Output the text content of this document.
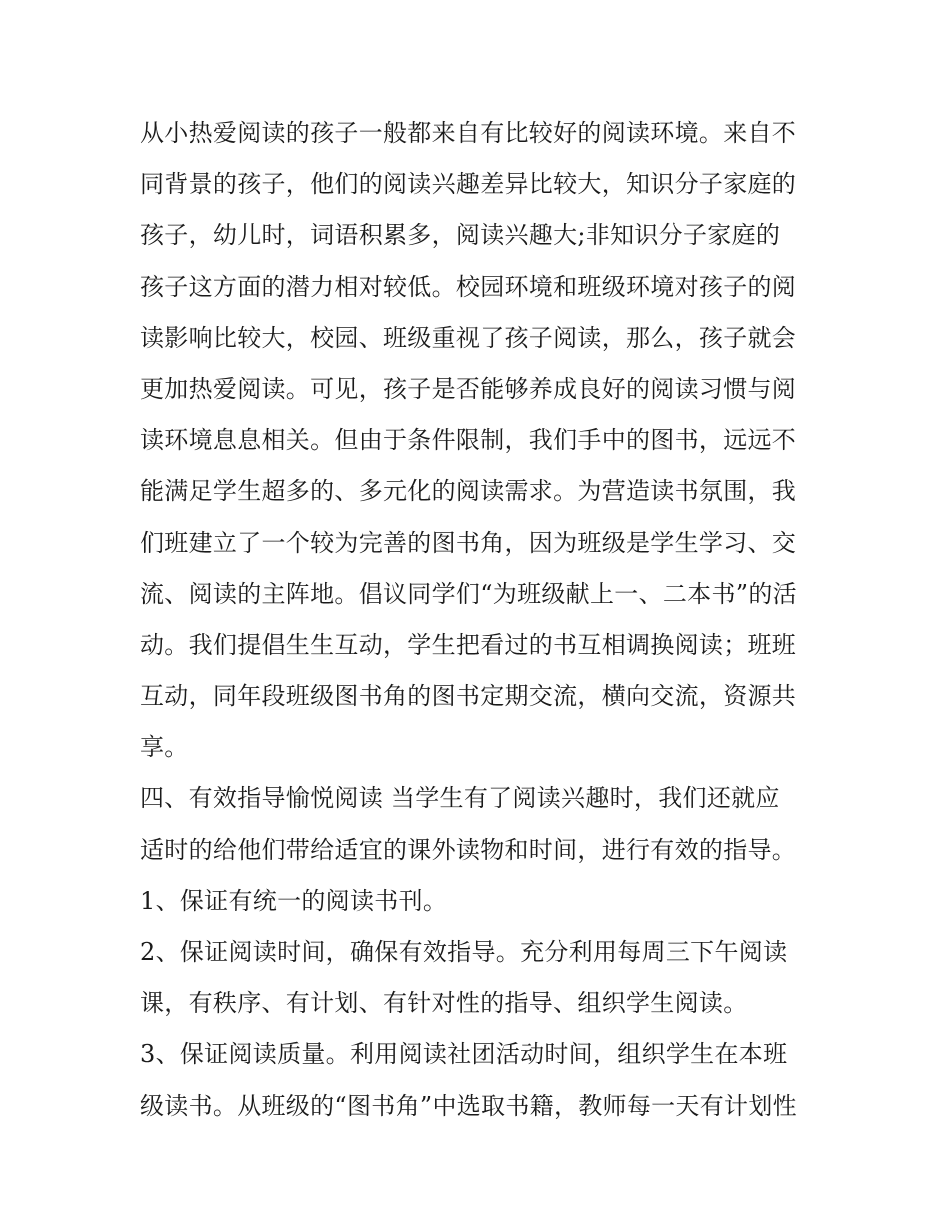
从小热爱阅读的孩子一般都来自有比较好的阅读环境。来自不
同背景的孩子，他们的阅读兴趣差异比较大，知识分子家庭的
孩子，幼儿时，词语积累多，阅读兴趣大;非知识分子家庭的
孩子这方面的潜力相对较低。校园环境和班级环境对孩子的阅
读影响比较大，校园、班级重视了孩子阅读，那么，孩子就会
更加热爱阅读。可见，孩子是否能够养成良好的阅读习惯与阅
读环境息息相关。但由于条件限制，我们手中的图书，远远不
能满足学生超多的、多元化的阅读需求。为营造读书氛围，我
们班建立了一个较为完善的图书角，因为班级是学生学习、交
流、阅读的主阵地。倡议同学们“为班级献上一、二本书”的活
动。我们提倡生生互动，学生把看过的书互相调换阅读；班班
互动，同年段班级图书角的图书定期交流，横向交流，资源共
享。
四、有效指导愉悦阅读 当学生有了阅读兴趣时，我们还就应
适时的给他们带给适宜的课外读物和时间，进行有效的指导。
1、保证有统一的阅读书刊。
2、保证阅读时间，确保有效指导。充分利用每周三下午阅读
课，有秩序、有计划、有针对性的指导、组织学生阅读。
3、保证阅读质量。利用阅读社团活动时间，组织学生在本班
级读书。从班级的“图书角”中选取书籍，教师每一天有计划性
